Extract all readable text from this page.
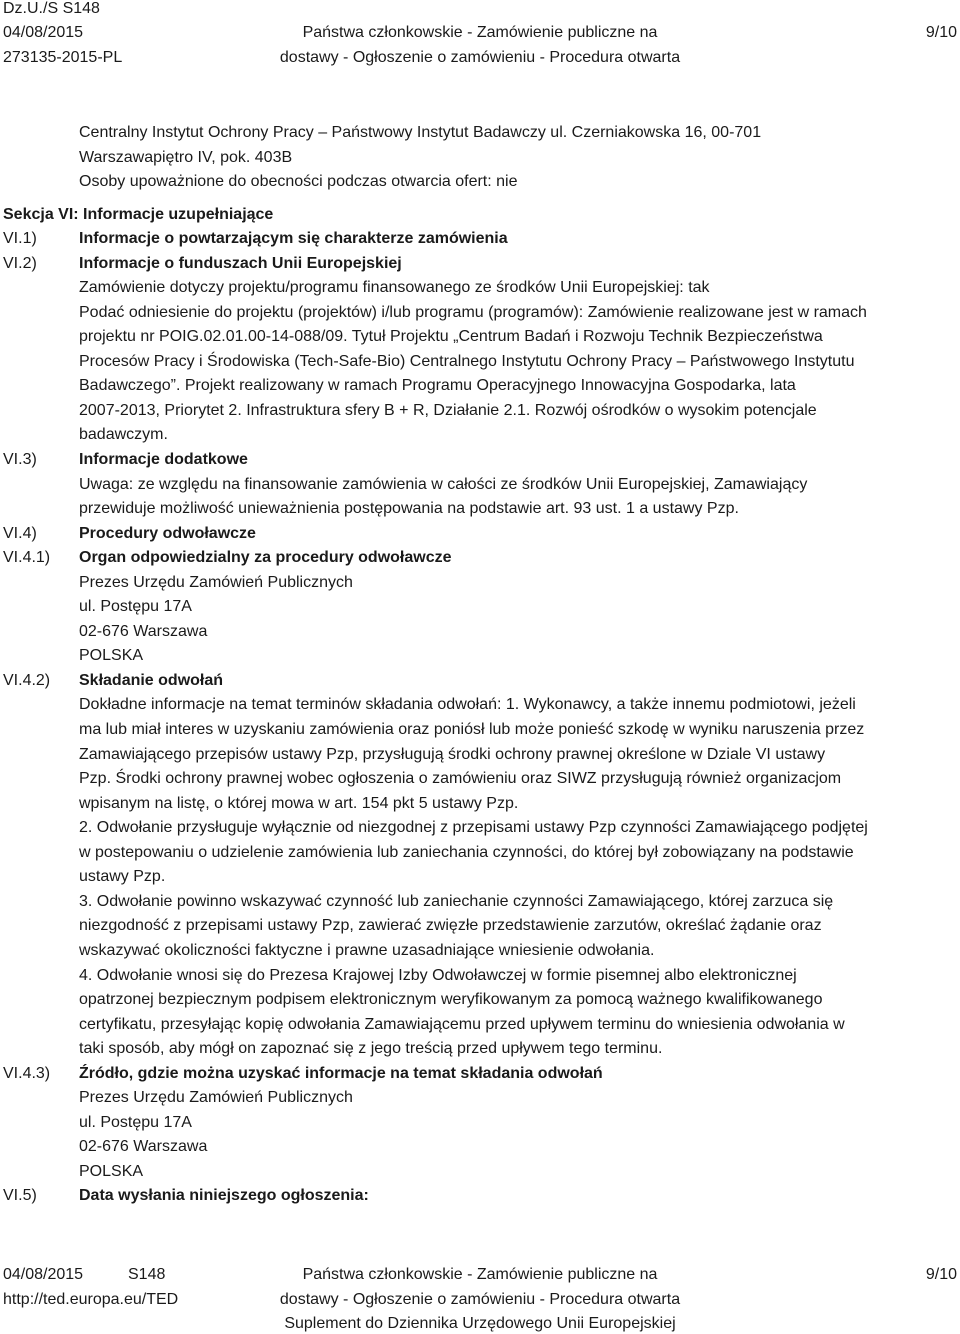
Dz.U./S S148
04/08/2015
273135-2015-PL
Państwa członkowskie - Zamówienie publiczne na
dostawy - Ogłoszenie o zamówieniu - Procedura otwarta
9/10
Centralny Instytut Ochrony Pracy – Państwowy Instytut Badawczy ul. Czerniakowska 16, 00-701
Warszawapiętro IV, pok. 403B
Osoby upoważnione do obecności podczas otwarcia ofert: nie
Sekcja VI: Informacje uzupełniające
VI.1)	Informacje o powtarzającym się charakterze zamówienia
VI.2)	Informacje o funduszach Unii Europejskiej
Zamówienie dotyczy projektu/programu finansowanego ze środków Unii Europejskiej: tak
Podać odniesienie do projektu (projektów) i/lub programu (programów): Zamówienie realizowane jest w ramach
projektu nr POIG.02.01.00-14-088/09. Tytuł Projektu „Centrum Badań i Rozwoju Technik Bezpieczeństwa
Procesów Pracy i Środowiska (Tech-Safe-Bio) Centralnego Instytutu Ochrony Pracy – Państwowego Instytutu
Badawczego”. Projekt realizowany w ramach Programu Operacyjnego Innowacyjna Gospodarka, lata
2007-2013, Priorytet 2. Infrastruktura sfery B + R, Działanie 2.1. Rozwój ośrodków o wysokim potencjale
badawczym.
VI.3)	Informacje dodatkowe
Uwaga: ze względu na finansowanie zamówienia w całości ze środków Unii Europejskiej, Zamawiający
przewiduje możliwość unieważnienia postępowania na podstawie art. 93 ust. 1 a ustawy Pzp.
VI.4)	Procedury odwoławcze
VI.4.1) Organ odpowiedzialny za procedury odwoławcze
Prezes Urzędu Zamówień Publicznych
ul. Postępu 17A
02-676 Warszawa
POLSKA
VI.4.2) Składanie odwołań
Dokładne informacje na temat terminów składania odwołań: 1. Wykonawcy, a także innemu podmiotowi, jeżeli
ma lub miał interes w uzyskaniu zamówienia oraz poniósł lub może ponieść szkodę w wyniku naruszenia przez
Zamawiającego przepisów ustawy Pzp, przysługują środki ochrony prawnej określone w Dziale VI ustawy
Pzp. Środki ochrony prawnej wobec ogłoszenia o zamówieniu oraz SIWZ przysługują również organizacjom
wpisanym na listę, o której mowa w art. 154 pkt 5 ustawy Pzp.
2. Odwołanie przysługuje wyłącznie od niezgodnej z przepisami ustawy Pzp czynności Zamawiającego podjętej
w postepowaniu o udzielenie zamówienia lub zaniechania czynności, do której był zobowiązany na podstawie
ustawy Pzp.
3. Odwołanie powinno wskazywać czynność lub zaniechanie czynności Zamawiającego, której zarzuca się
niezgodność z przepisami ustawy Pzp, zawierać zwięzłe przedstawienie zarzutów, określać żądanie oraz
wskazywać okoliczności faktyczne i prawne uzasadniające wniesienie odwołania.
4. Odwołanie wnosi się do Prezesa Krajowej Izby Odwoławczej w formie pisemnej albo elektronicznej
opatrzonej bezpiecznym podpisem elektronicznym weryfikowanym za pomocą ważnego kwalifikowanego
certyfikatu, przesyłając kopię odwołania Zamawiającemu przed upływem terminu do wniesienia odwołania w
taki sposób, aby mógł on zapoznać się z jego treścią przed upływem tego terminu.
VI.4.3) Źródło, gdzie można uzyskać informacje na temat składania odwołań
Prezes Urzędu Zamówień Publicznych
ul. Postępu 17A
02-676 Warszawa
POLSKA
VI.5)	Data wysłania niniejszego ogłoszenia:
04/08/2015	S148
http://ted.europa.eu/TED
Państwa członkowskie - Zamówienie publiczne na
dostawy - Ogłoszenie o zamówieniu - Procedura otwarta
Suplement do Dziennika Urzędowego Unii Europejskiej
9/10
